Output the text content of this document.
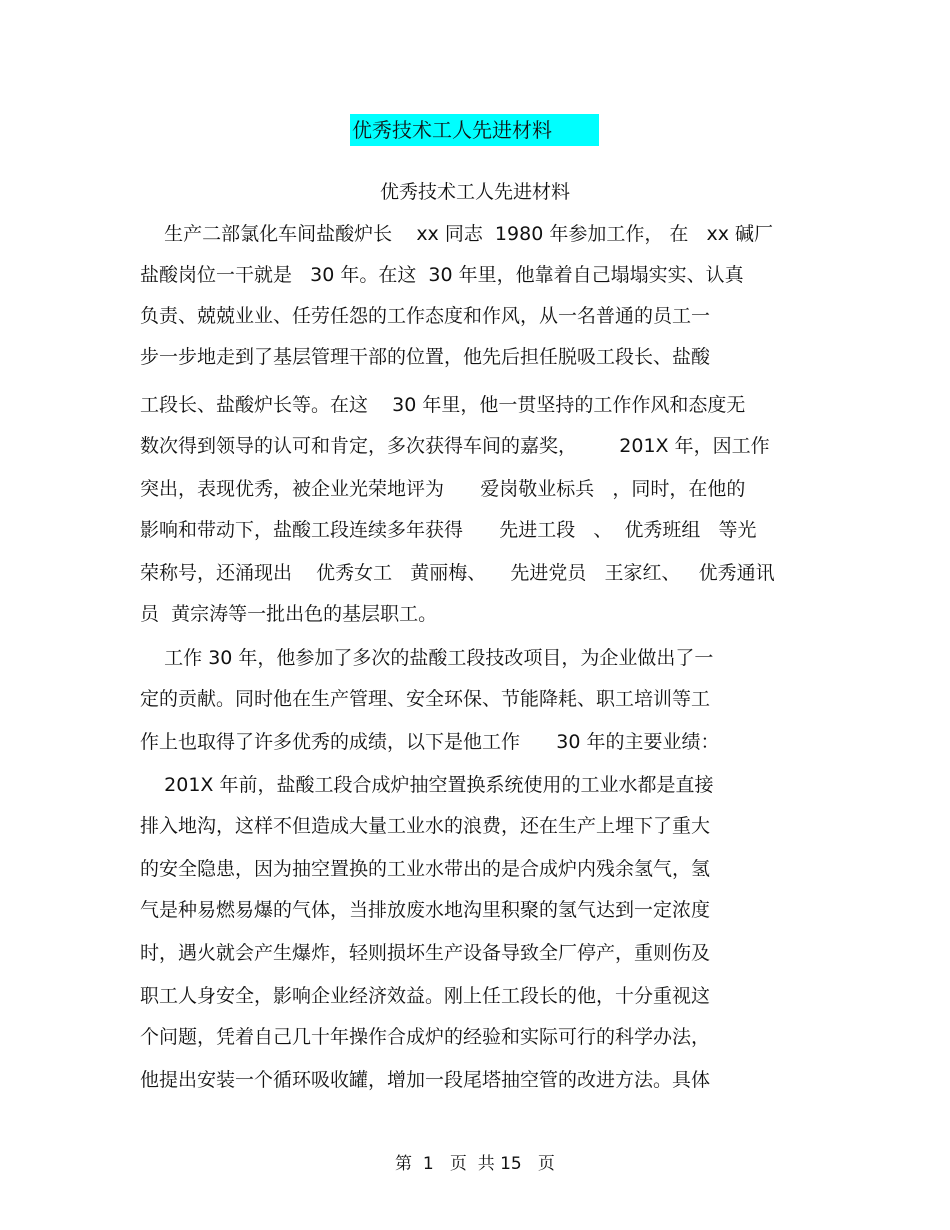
优秀技术工人先进材料
优秀技术工人先进材料
生产二部氯化车间盐酸炉长    xx 同志  1980 年参加工作， 在   xx 碱厂
盐酸岗位一干就是   30 年。在这  30 年里，他靠着自己塌塌实实、认真
负责、兢兢业业、任劳任怨的工作态度和作风，从一名普通的员工一
步一步地走到了基层管理干部的位置，他先后担任脱吸工段长、盐酸
工段长、盐酸炉长等。在这    30 年里，他一贯坚持的工作作风和态度无
数次得到领导的认可和肯定，多次获得车间的嘉奖，       201X 年，因工作
突出，表现优秀，被企业光荣地评为      爱岗敬业标兵   ，同时，在他的
影响和带动下，盐酸工段连续多年获得      先进工段   、  优秀班组   等光
荣称号，还涌现出    优秀女工   黄丽梅、    先进党员   王家红、   优秀通讯
员  黄宗涛等一批出色的基层职工。
工作 30 年，他参加了多次的盐酸工段技改项目，为企业做出了一
定的贡献。同时他在生产管理、安全环保、节能降耗、职工培训等工
作上也取得了许多优秀的成绩，以下是他工作      30 年的主要业绩：
201X 年前，盐酸工段合成炉抽空置换系统使用的工业水都是直接
排入地沟，这样不但造成大量工业水的浪费，还在生产上埋下了重大
的安全隐患，因为抽空置换的工业水带出的是合成炉内残余氢气，氢
气是种易燃易爆的气体，当排放废水地沟里积聚的氢气达到一定浓度
时，遇火就会产生爆炸，轻则损坏生产设备导致全厂停产，重则伤及
职工人身安全，影响企业经济效益。刚上任工段长的他，十分重视这
个问题，凭着自己几十年操作合成炉的经验和实际可行的科学办法，
他提出安装一个循环吸收罐，增加一段尾塔抽空管的改进方法。具体
第  1   页  共 15   页
